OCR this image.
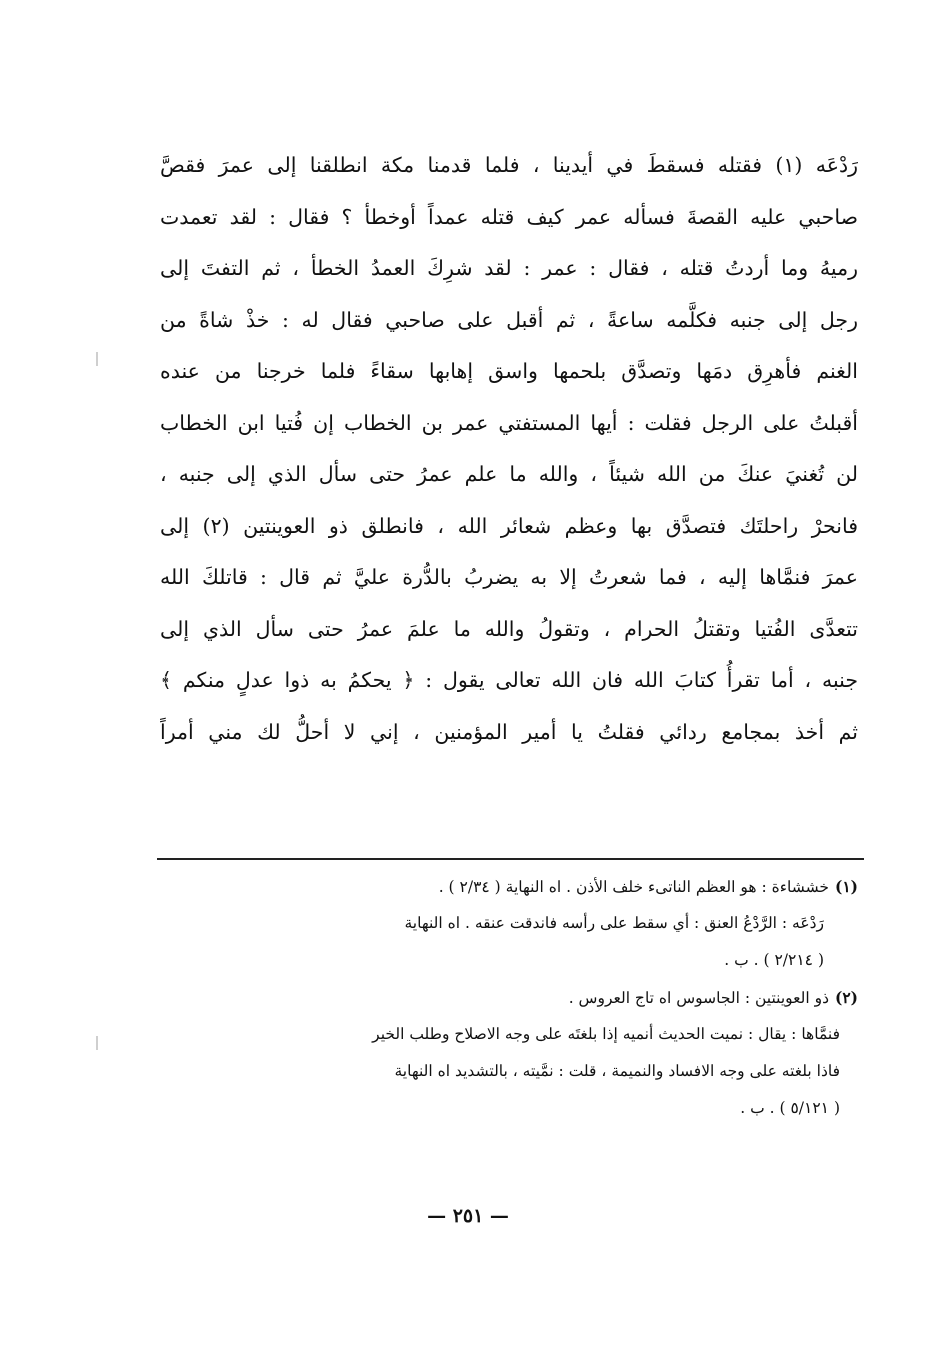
رَدْعَه (١) فقتله فسقطَ في أيدينا ، فلما قدمنا مكة انطلقنا إلى عمرَ فقصَّ
صاحبي عليه القصةَ فسأله عمر كيف قتله عمداً أوخطأ ؟ فقال : لقد تعمدت
رميهُ وما أردتُ قتله ، فقال : عمر : لقد شرِكَ العمدُ الخطأ ، ثم التفتَ إلى
رجل إلى جنبه فكلَّمه ساعةً ، ثم أقبل على صاحبي فقال له : خذْ شاةً من
الغنم فأهرِق دمَها وتصدَّق بلحمها واسق إهابها سقاءً فلما خرجنا من عنده
أقبلتُ على الرجل فقلت : أيها المستفتي عمر بن الخطاب إن فُتيا ابن الخطاب
لن تُغنيَ عنكَ من الله شيئاً ، والله ما علم عمرُ حتى سأل الذي إلى جنبه ،
فانحرْ راحلتَك فتصدَّق بها وعظم شعائر الله ، فانطلق ذو العوينتين (٢) إلى
عمرَ فنمَّاها إليه ، فما شعرتُ إلا به يضربُ بالدُّرة عليَّ ثم قال : قاتلكَ الله
تتعدَّى الفُتيا وتقتلُ الحرام ، وتقولُ والله ما علمَ عمرُ حتى سأل الذي إلى
جنبه ، أما تقرأُ كتابَ الله فان الله تعالى يقول : ﴿ يحكمُ به ذوا عدلٍ منكم ﴾
ثم أخذ بمجامع ردائي فقلتُ يا أمير المؤمنين ، إني لا أحلُّ لك مني أمراً
(١)خششاءة : هو العظم الناتىء خلف الأذن . اه النهاية ( ٢/٣٤ ) .
رَدْعَه : الرَّدْعُ العنق : أي سقط على رأسه فاندقت عنقه . اه النهاية
( ٢/٢١٤ ) . ب .
(٢)ذو العوينتين : الجاسوس اه تاج العروس .
فنمَّاها : يقال : نميت الحديث أنميه إذا بلغتَه على وجه الاصلاح وطلب الخير
فاذا بلغته على وجه الافساد والنميمة ، قلت : نمَّيته ، بالتشديد اه النهاية
( ٥/١٢١ ) . ب .
— ٢٥١ —
